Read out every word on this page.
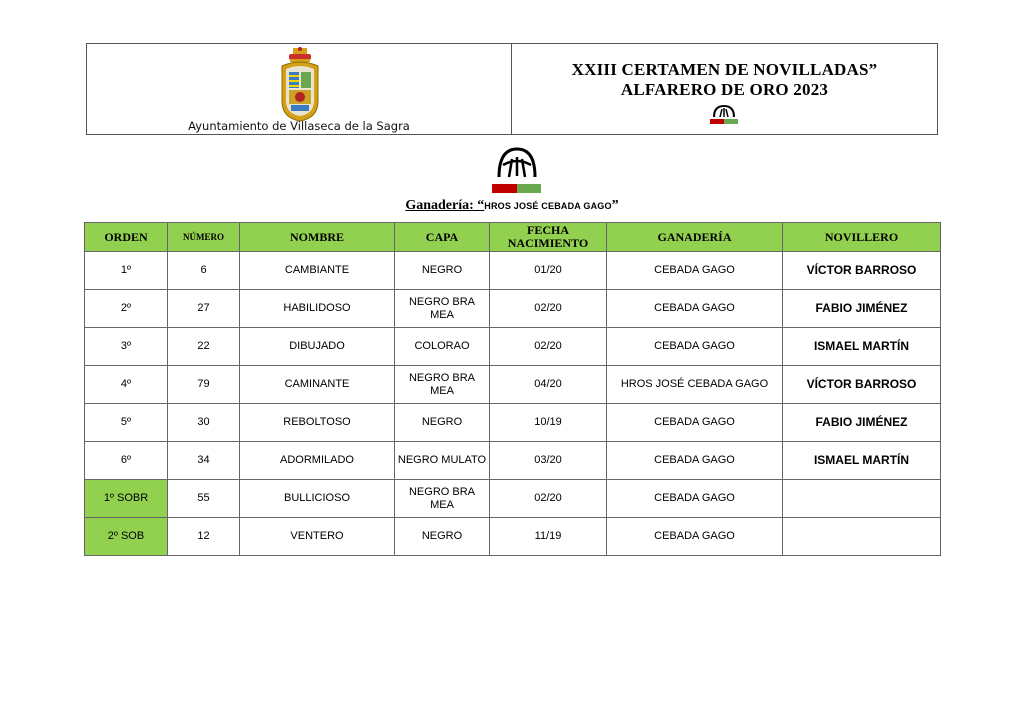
Ayuntamiento de Villaseca de la Sagra
XXIII CERTAMEN DE NOVILLADAS”
ALFARERO DE ORO 2023
Ganadería: “HROS JOSÉ CEBADA GAGO”
ORDEN	NÚMERO	NOMBRE	CAPA	FECHA NACIMIENTO	GANADERÍA	NOVILLERO
1º	6	CAMBIANTE	NEGRO	01/20	CEBADA GAGO	VÍCTOR BARROSO
2º	27	HABILIDOSO	NEGRO BRA MEA	02/20	CEBADA GAGO	FABIO JIMÉNEZ
3º	22	DIBUJADO	COLORAO	02/20	CEBADA GAGO	ISMAEL MARTÍN
4º	79	CAMINANTE	NEGRO BRA MEA	04/20	HROS JOSÉ CEBADA GAGO	VÍCTOR BARROSO
5º	30	REBOLTOSO	NEGRO	10/19	CEBADA GAGO	FABIO JIMÉNEZ
6º	34	ADORMILADO	NEGRO MULATO	03/20	CEBADA GAGO	ISMAEL MARTÍN
1º SOBR	55	BULLICIOSO	NEGRO BRA MEA	02/20	CEBADA GAGO	
2º SOB	12	VENTERO	NEGRO	11/19	CEBADA GAGO	
